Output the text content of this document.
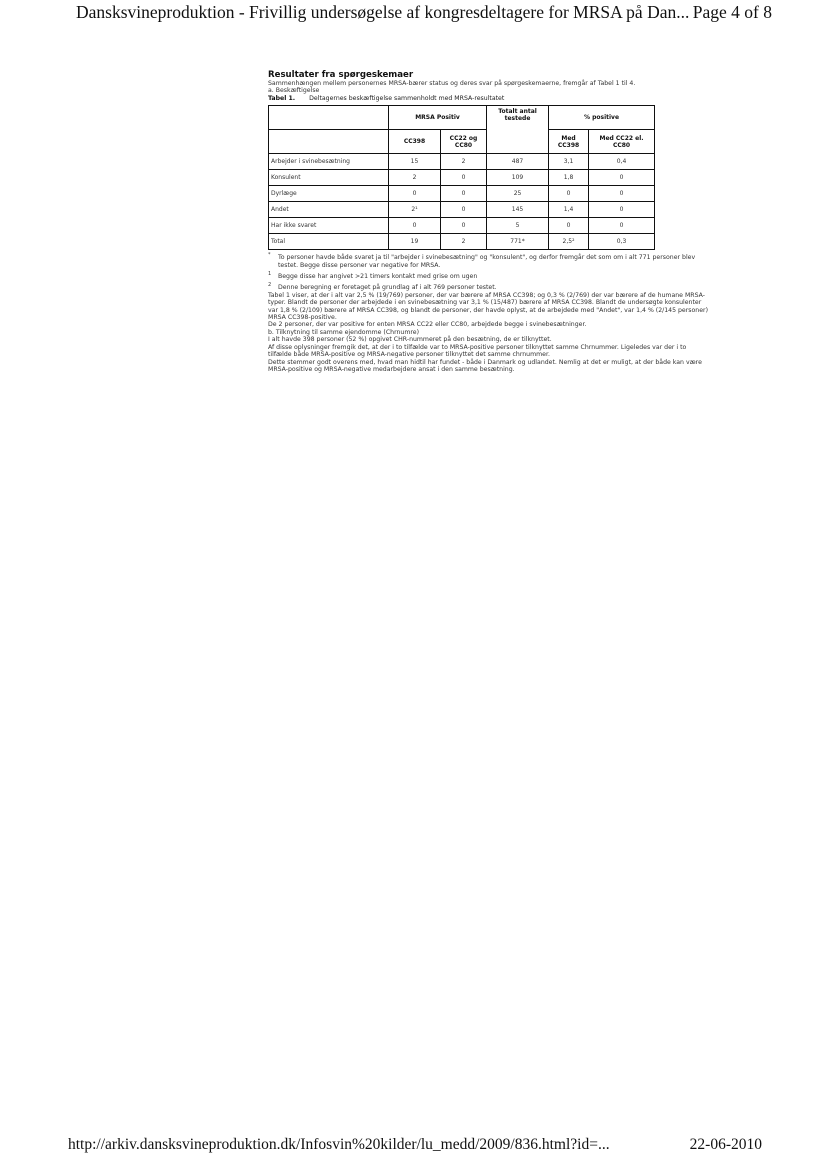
Dansksvineproduktion - Frivillig undersøgelse af kongresdeltagere for MRSA på Dan... Page 4 of 8
Resultater fra spørgeskemaer

Sammenhængen mellem personernes MRSA-bærer status og deres svar på spørgeskemaerne, fremgår af Tabel 1 til 4.

a. Beskæftigelse

Tabel 1. Deltagernes beskæftigelse sammenholdt med MRSA-resultatet

	MRSA Positiv		Totalt antal testede	% positive	
	CC398	CC22 og CC80		Med CC398	Med CC22 el. CC80
Arbejder i svinebesætning	15	2	487	3,1	0,4
Konsulent	2	0	109	1,8	0
Dyrlæge	0	0	25	0	0
Andet	2¹	0	145	1,4	0
Har ikke svaret	0	0	5	0	0
Total	19	2	771*	2,5²	0,3
* To personer havde både svaret ja til "arbejder i svinebesætning" og "konsulent", og derfor fremgår det som om i alt 771 personer blev testet. Begge disse personer var negative for MRSA.
1 Begge disse har angivet >21 timers kontakt med grise om ugen
2 Denne beregning er foretaget på grundlag af i alt 769 personer testet.

Tabel 1 viser, at der i alt var 2,5 % (19/769) personer, der var bærere af MRSA CC398; og 0,3 % (2/769) der var bærere af de humane MRSA-typer. Blandt de personer der arbejdede i en svinebesætning var 3,1 % (15/487) bærere af MRSA CC398. Blandt de undersøgte konsulenter var 1,8 % (2/109) bærere af MRSA CC398, og blandt de personer, der havde oplyst, at de arbejdede med "Andet", var 1,4 % (2/145 personer) MRSA CC398-positive.

De 2 personer, der var positive for enten MRSA CC22 eller CC80, arbejdede begge i svinebesætninger.

b. Tilknytning til samme ejendomme (Chrnumre)

I alt havde 398 personer (52 %) opgivet CHR-nummeret på den besætning, de er tilknyttet.

Af disse oplysninger fremgik det, at der i to tilfælde var to MRSA-positive personer tilknyttet samme Chrnummer. Ligeledes var der i to tilfælde både MRSA-positive og MRSA-negative personer tilknyttet det samme chrnummer.

Dette stemmer godt overens med, hvad man hidtil har fundet - både i Danmark og udlandet. Nemlig at det er muligt, at der både kan være MRSA-positive og MRSA-negative medarbejdere ansat i den samme besætning.

http://arkiv.dansksvineproduktion.dk/Infosvin%20kilder/lu_medd/2009/836.html?id=...	22-06-2010
